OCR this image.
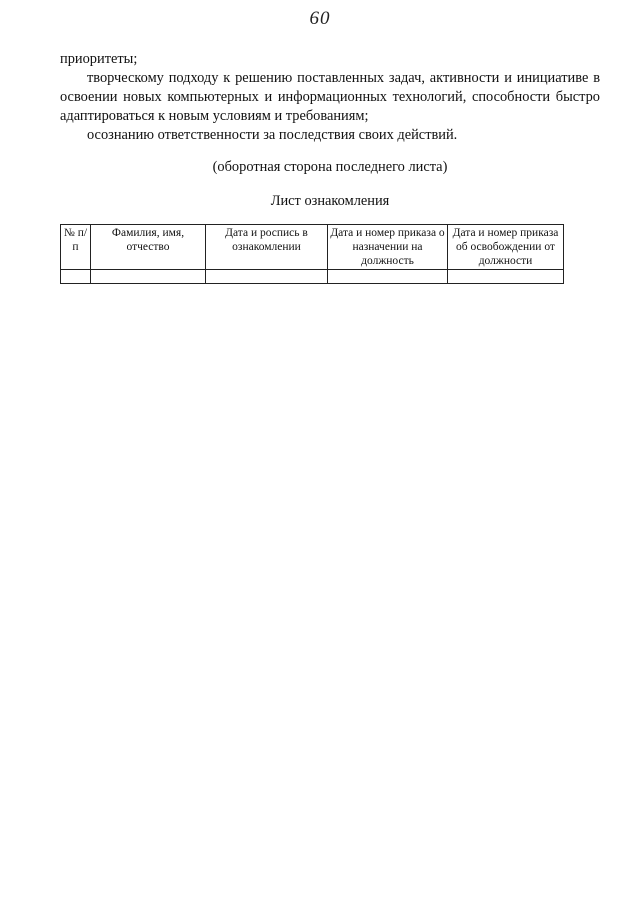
60

приоритеты;

творческому подходу к решению поставленных задач, активности и инициативе в освоении новых компьютерных и информационных технологий, способности быстро адаптироваться к новым условиям и требованиям;

осознанию ответственности за последствия своих действий.

(оборотная сторона последнего листа)
Лист ознакомления
№ п/п	Фамилия, имя, отчество	Дата и роспись в ознакомлении	Дата и номер приказа о назначении на должность	Дата и номер приказа об освобождении от должности
